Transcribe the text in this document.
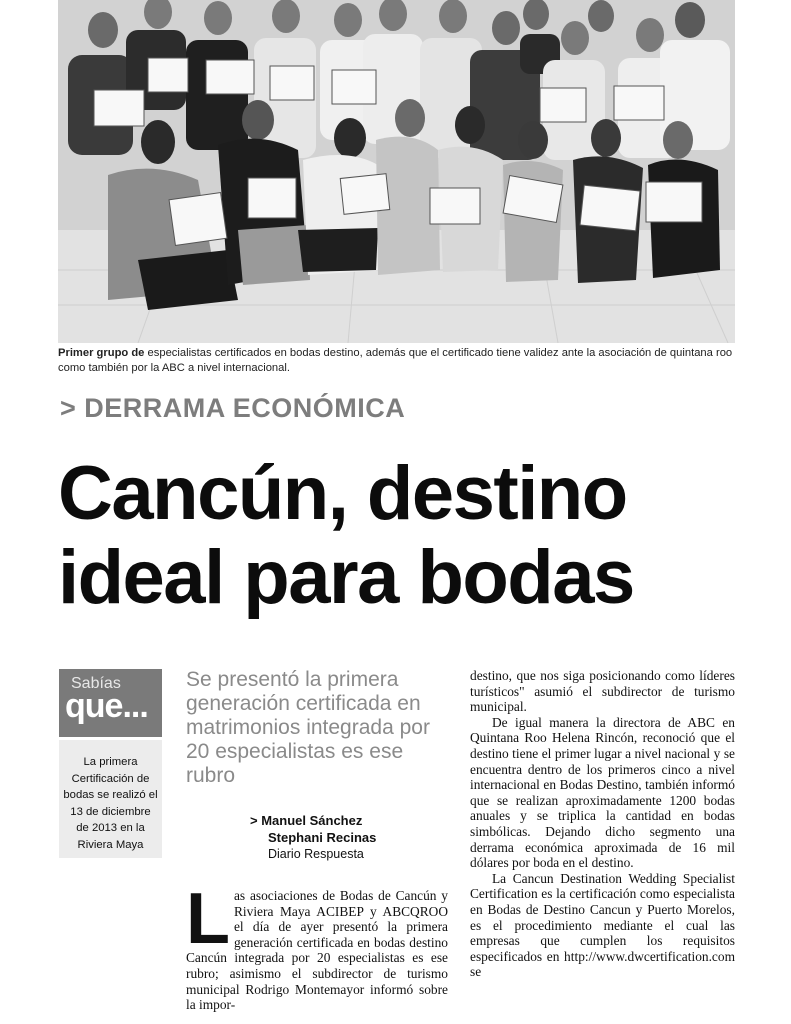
Primer grupo de especialistas certificados en bodas destino, además que el certificado tiene validez ante la asociación de quintana roo como también por la ABC a nivel internacional.
> DERRAMA ECONÓMICA
Cancún, destino
ideal para bodas
Sabías
que...

La primera Certificación de bodas se realizó el 13 de diciembre de 2013 en la Riviera Maya

Se presentó la primera generación certificada en matrimonios integrada por 20 especialistas es ese rubro
> Manuel Sánchez
Stephani Recinas
Diario Respuesta
L as asociaciones de Bodas de Cancún y Riviera Maya ACIBEP y ABCQROO el día de ayer presentó la primera generación certificada en bodas destino Cancún integrada por 20 especialistas es ese rubro; asimismo el subdirector de turismo municipal Rodrigo Montemayor informó sobre la impor-

destino, que nos siga posicionando como líderes turísticos" asumió el subdirector de turismo municipal.

De igual manera la directora de ABC en Quintana Roo Helena Rincón, reconoció que el destino tiene el primer lugar a nivel nacional y se encuentra dentro de los primeros cinco a nivel internacional en Bodas Destino, también informó que se realizan aproximadamente 1200 bodas anuales y se triplica la cantidad en bodas simbólicas. Dejando dicho segmento una derrama económica aproximada de 16 mil dólares por boda en el destino.

La Cancun Destination Wedding Specialist Certification es la certificación como especialista en Bodas de Destino Cancun y Puerto Morelos, es el procedimiento mediante el cual las empresas que cumplen los requisitos especificados en http://www.dwcertification.com se
